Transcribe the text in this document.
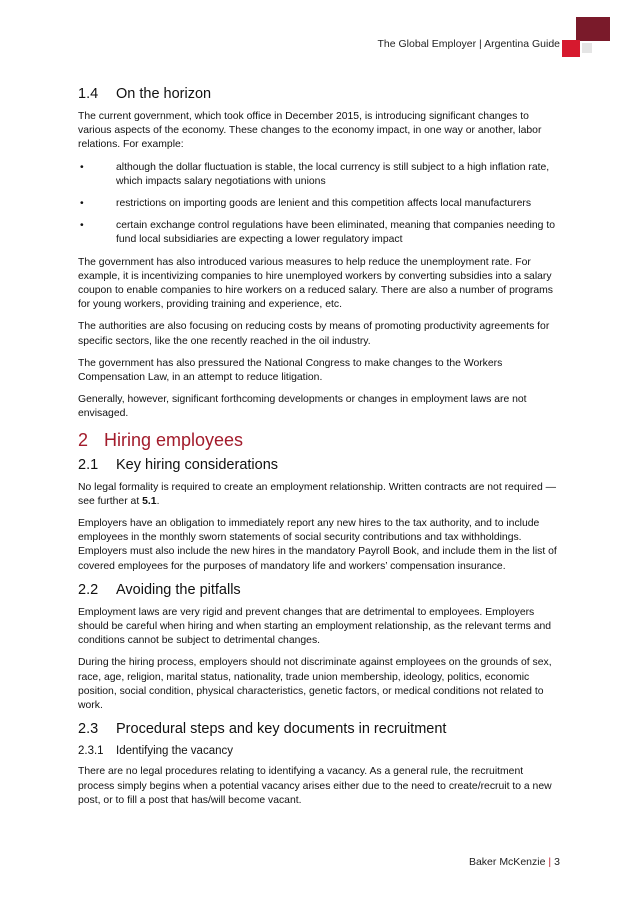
The Global Employer | Argentina Guide
1.4 On the horizon

The current government, which took office in December 2015, is introducing significant changes to various aspects of the economy. These changes to the economy impact, in one way or another, labor relations. For example:

•	although the dollar fluctuation is stable, the local currency is still subject to a high inflation rate, which impacts salary negotiations with unions
•	restrictions on importing goods are lenient and this competition affects local manufacturers
•	certain exchange control regulations have been eliminated, meaning that companies needing to fund local subsidiaries are expecting a lower regulatory impact

The government has also introduced various measures to help reduce the unemployment rate. For example, it is incentivizing companies to hire unemployed workers by converting subsidies into a salary coupon to enable companies to hire workers on a reduced salary. There are also a number of programs for young workers, providing training and experience, etc.

The authorities are also focusing on reducing costs by means of promoting productivity agreements for specific sectors, like the one recently reached in the oil industry.

The government has also pressured the National Congress to make changes to the Workers Compensation Law, in an attempt to reduce litigation.

Generally, however, significant forthcoming developments or changes in employment laws are not envisaged.

2 Hiring employees
2.1 Key hiring considerations

No legal formality is required to create an employment relationship. Written contracts are not required — see further at 5.1.

Employers have an obligation to immediately report any new hires to the tax authority, and to include employees in the monthly sworn statements of social security contributions and tax withholdings. Employers must also include the new hires in the mandatory Payroll Book, and include them in the list of covered employees for the purposes of mandatory life and workers’ compensation insurance.

2.2 Avoiding the pitfalls

Employment laws are very rigid and prevent changes that are detrimental to employees. Employers should be careful when hiring and when starting an employment relationship, as the relevant terms and conditions cannot be subject to detrimental changes.

During the hiring process, employers should not discriminate against employees on the grounds of sex, race, age, religion, marital status, nationality, trade union membership, ideology, politics, economic position, social condition, physical characteristics, genetic factors, or medical conditions not related to work.

2.3 Procedural steps and key documents in recruitment
2.3.1 Identifying the vacancy

There are no legal procedures relating to identifying a vacancy. As a general rule, the recruitment process simply begins when a potential vacancy arises either due to the need to create/recruit to a new post, or to fill a post that has/will become vacant.

Baker McKenzie | 3
